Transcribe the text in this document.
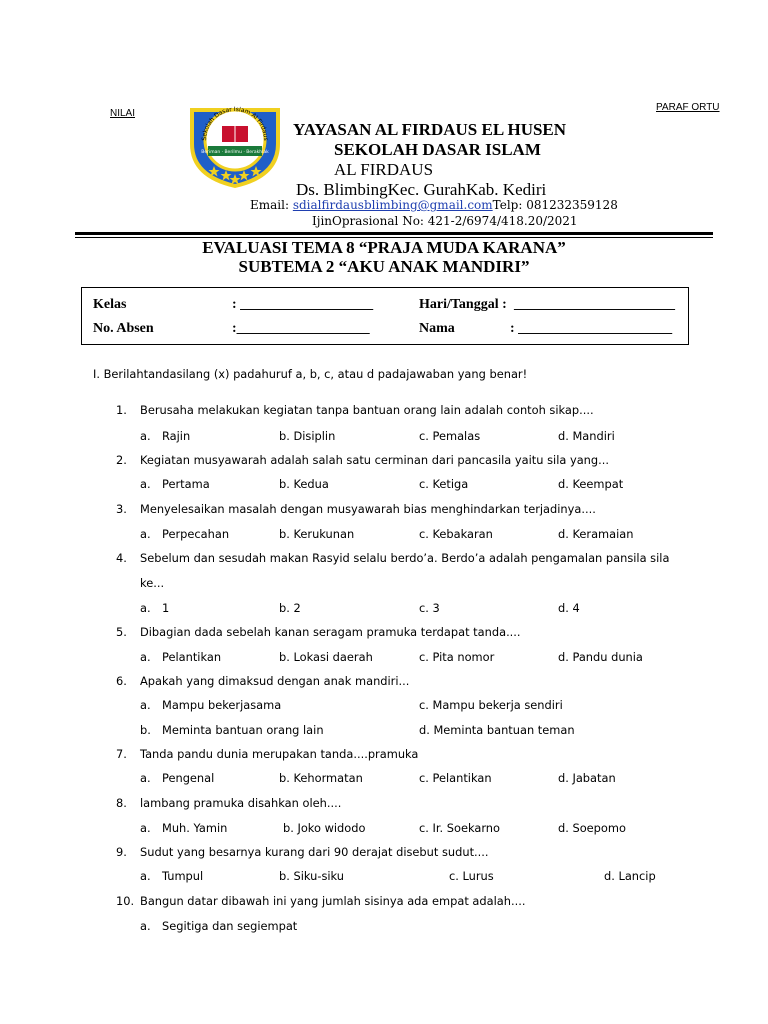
NILAI
PARAF ORTU
Sekolah Dasar Islam Al Firdaus
Beriman · Berilmu · Berakhlak
YAYASAN AL FIRDAUS EL HUSEN
SEKOLAH DASAR ISLAM
AL FIRDAUS
Ds. BlimbingKec. GurahKab. Kediri
Email: sdialfirdausblimbing@gmail.comTelp: 081232359128
IjinOprasional No: 421-2/6974/418.20/2021
EVALUASI TEMA 8 “PRAJA MUDA KARANA”
SUBTEMA 2 “AKU ANAK MANDIRI”
Kelas	: ___________________	Hari/Tanggal : _______________________
No. Absen	:___________________	Nama	: ______________________
I. Berilahtandasilang (x) padahuruf a, b, c, atau d padajawaban yang benar!
1. Berusaha melakukan kegiatan tanpa bantuan orang lain adalah contoh sikap....
a. Rajin	b. Disiplin	c. Pemalas	d. Mandiri
2. Kegiatan musyawarah adalah salah satu cerminan dari pancasila yaitu sila yang...
a. Pertama	b. Kedua	c. Ketiga	d. Keempat
3. Menyelesaikan masalah dengan musyawarah bias menghindarkan terjadinya....
a. Perpecahan	b. Kerukunan	c. Kebakaran	d. Keramaian
4. Sebelum dan sesudah makan Rasyid selalu berdo’a. Berdo’a adalah pengamalan pansila sila
ke...
a. 1	b. 2	c. 3	d. 4
5. Dibagian dada sebelah kanan seragam pramuka terdapat tanda....
a. Pelantikan	b. Lokasi daerah	c. Pita nomor	d. Pandu dunia
6. Apakah yang dimaksud dengan anak mandiri...
a. Mampu bekerjasama	c. Mampu bekerja sendiri
b. Meminta bantuan orang lain	d. Meminta bantuan teman
7. Tanda pandu dunia merupakan tanda....pramuka
a. Pengenal	b. Kehormatan	c. Pelantikan	d. Jabatan
8. lambang pramuka disahkan oleh....
a. Muh. Yamin	b. Joko widodo	c. Ir. Soekarno	d. Soepomo
9. Sudut yang besarnya kurang dari 90 derajat disebut sudut....
a. Tumpul	b. Siku-siku	c. Lurus	d. Lancip
10. Bangun datar dibawah ini yang jumlah sisinya ada empat adalah....
a. Segitiga dan segiempat
